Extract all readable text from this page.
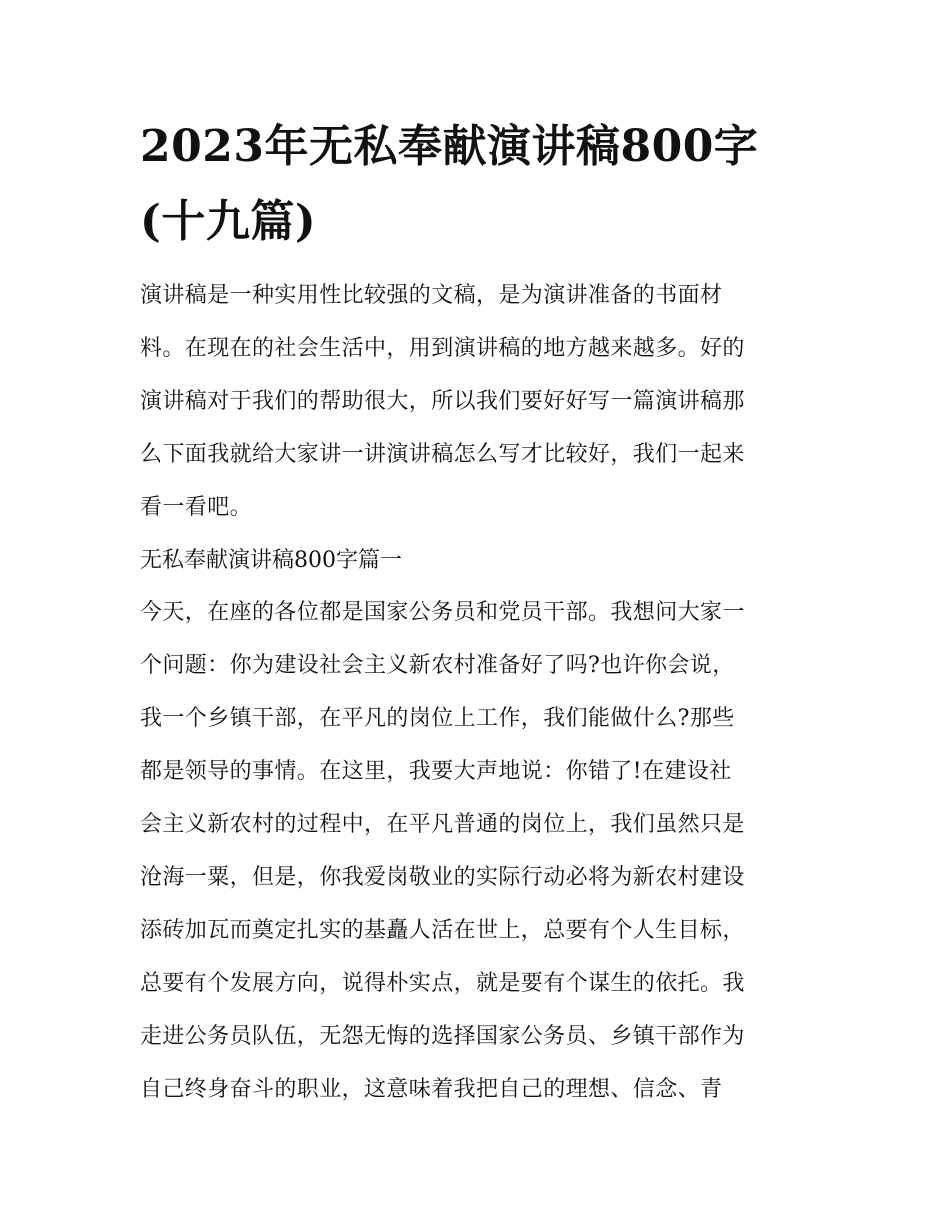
2023年无私奉献演讲稿800字
(十九篇)

演讲稿是一种实用性比较强的文稿，是为演讲准备的书面材
料。在现在的社会生活中，用到演讲稿的地方越来越多。好的
演讲稿对于我们的帮助很大，所以我们要好好写一篇演讲稿那
么下面我就给大家讲一讲演讲稿怎么写才比较好，我们一起来
看一看吧。

无私奉献演讲稿800字篇一

今天，在座的各位都是国家公务员和党员干部。我想问大家一
个问题：你为建设社会主义新农村准备好了吗?也许你会说，
我一个乡镇干部，在平凡的岗位上工作，我们能做什么?那些
都是领导的事情。在这里，我要大声地说：你错了!在建设社
会主义新农村的过程中，在平凡普通的岗位上，我们虽然只是
沧海一粟，但是，你我爱岗敬业的实际行动必将为新农村建设
添砖加瓦而奠定扎实的基矗人活在世上，总要有个人生目标，
总要有个发展方向，说得朴实点，就是要有个谋生的依托。我
走进公务员队伍，无怨无悔的选择国家公务员、乡镇干部作为
自己终身奋斗的职业，这意味着我把自己的理想、信念、青
